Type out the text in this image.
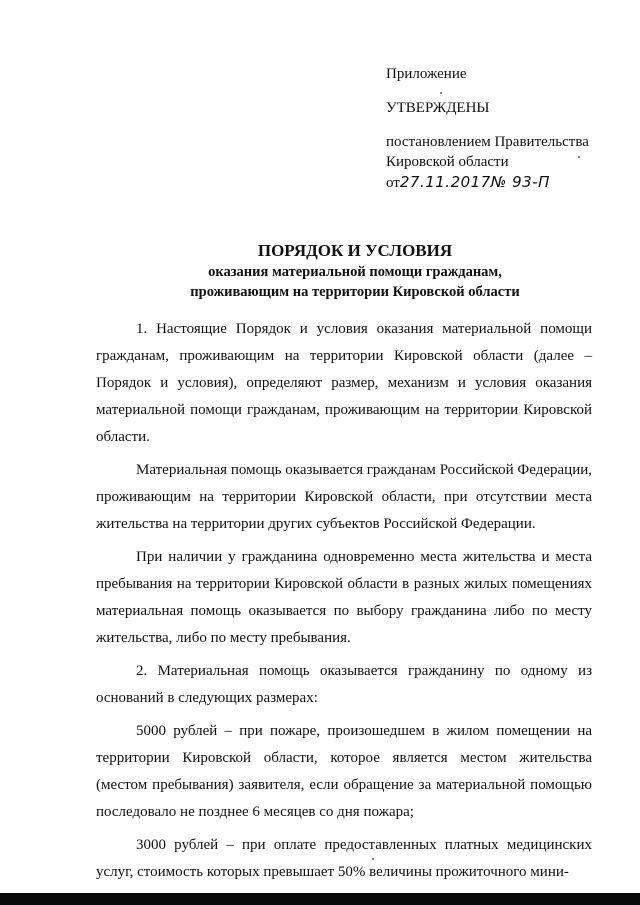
Приложение
УТВЕРЖДЕНЫ
постановлением Правительства
Кировской области
от27.11.2017№ 93-П
ПОРЯДОК И УСЛОВИЯ
оказания материальной помощи гражданам,
проживающим на территории Кировской области

1. Настоящие Порядок и условия оказания материальной помощи гражданам, проживающим на территории Кировской области (далее – Порядок и условия), определяют размер, механизм и условия оказания материальной помощи гражданам, проживающим на территории Кировской области.

Материальная помощь оказывается гражданам Российской Федерации, проживающим на территории Кировской области, при отсутствии места жительства на территории других субъектов Российской Федерации.

При наличии у гражданина одновременно места жительства и места пребывания на территории Кировской области в разных жилых помещениях материальная помощь оказывается по выбору гражданина либо по месту жительства, либо по месту пребывания.

2. Материальная помощь оказывается гражданину по одному из оснований в следующих размерах:

5000 рублей – при пожаре, произошедшем в жилом помещении на территории Кировской области, которое является местом жительства (местом пребывания) заявителя, если обращение за материальной помощью последовало не позднее 6 месяцев со дня пожара;

3000 рублей – при оплате предоставленных платных медицинских услуг, стоимость которых превышает 50% величины прожиточного мини-
